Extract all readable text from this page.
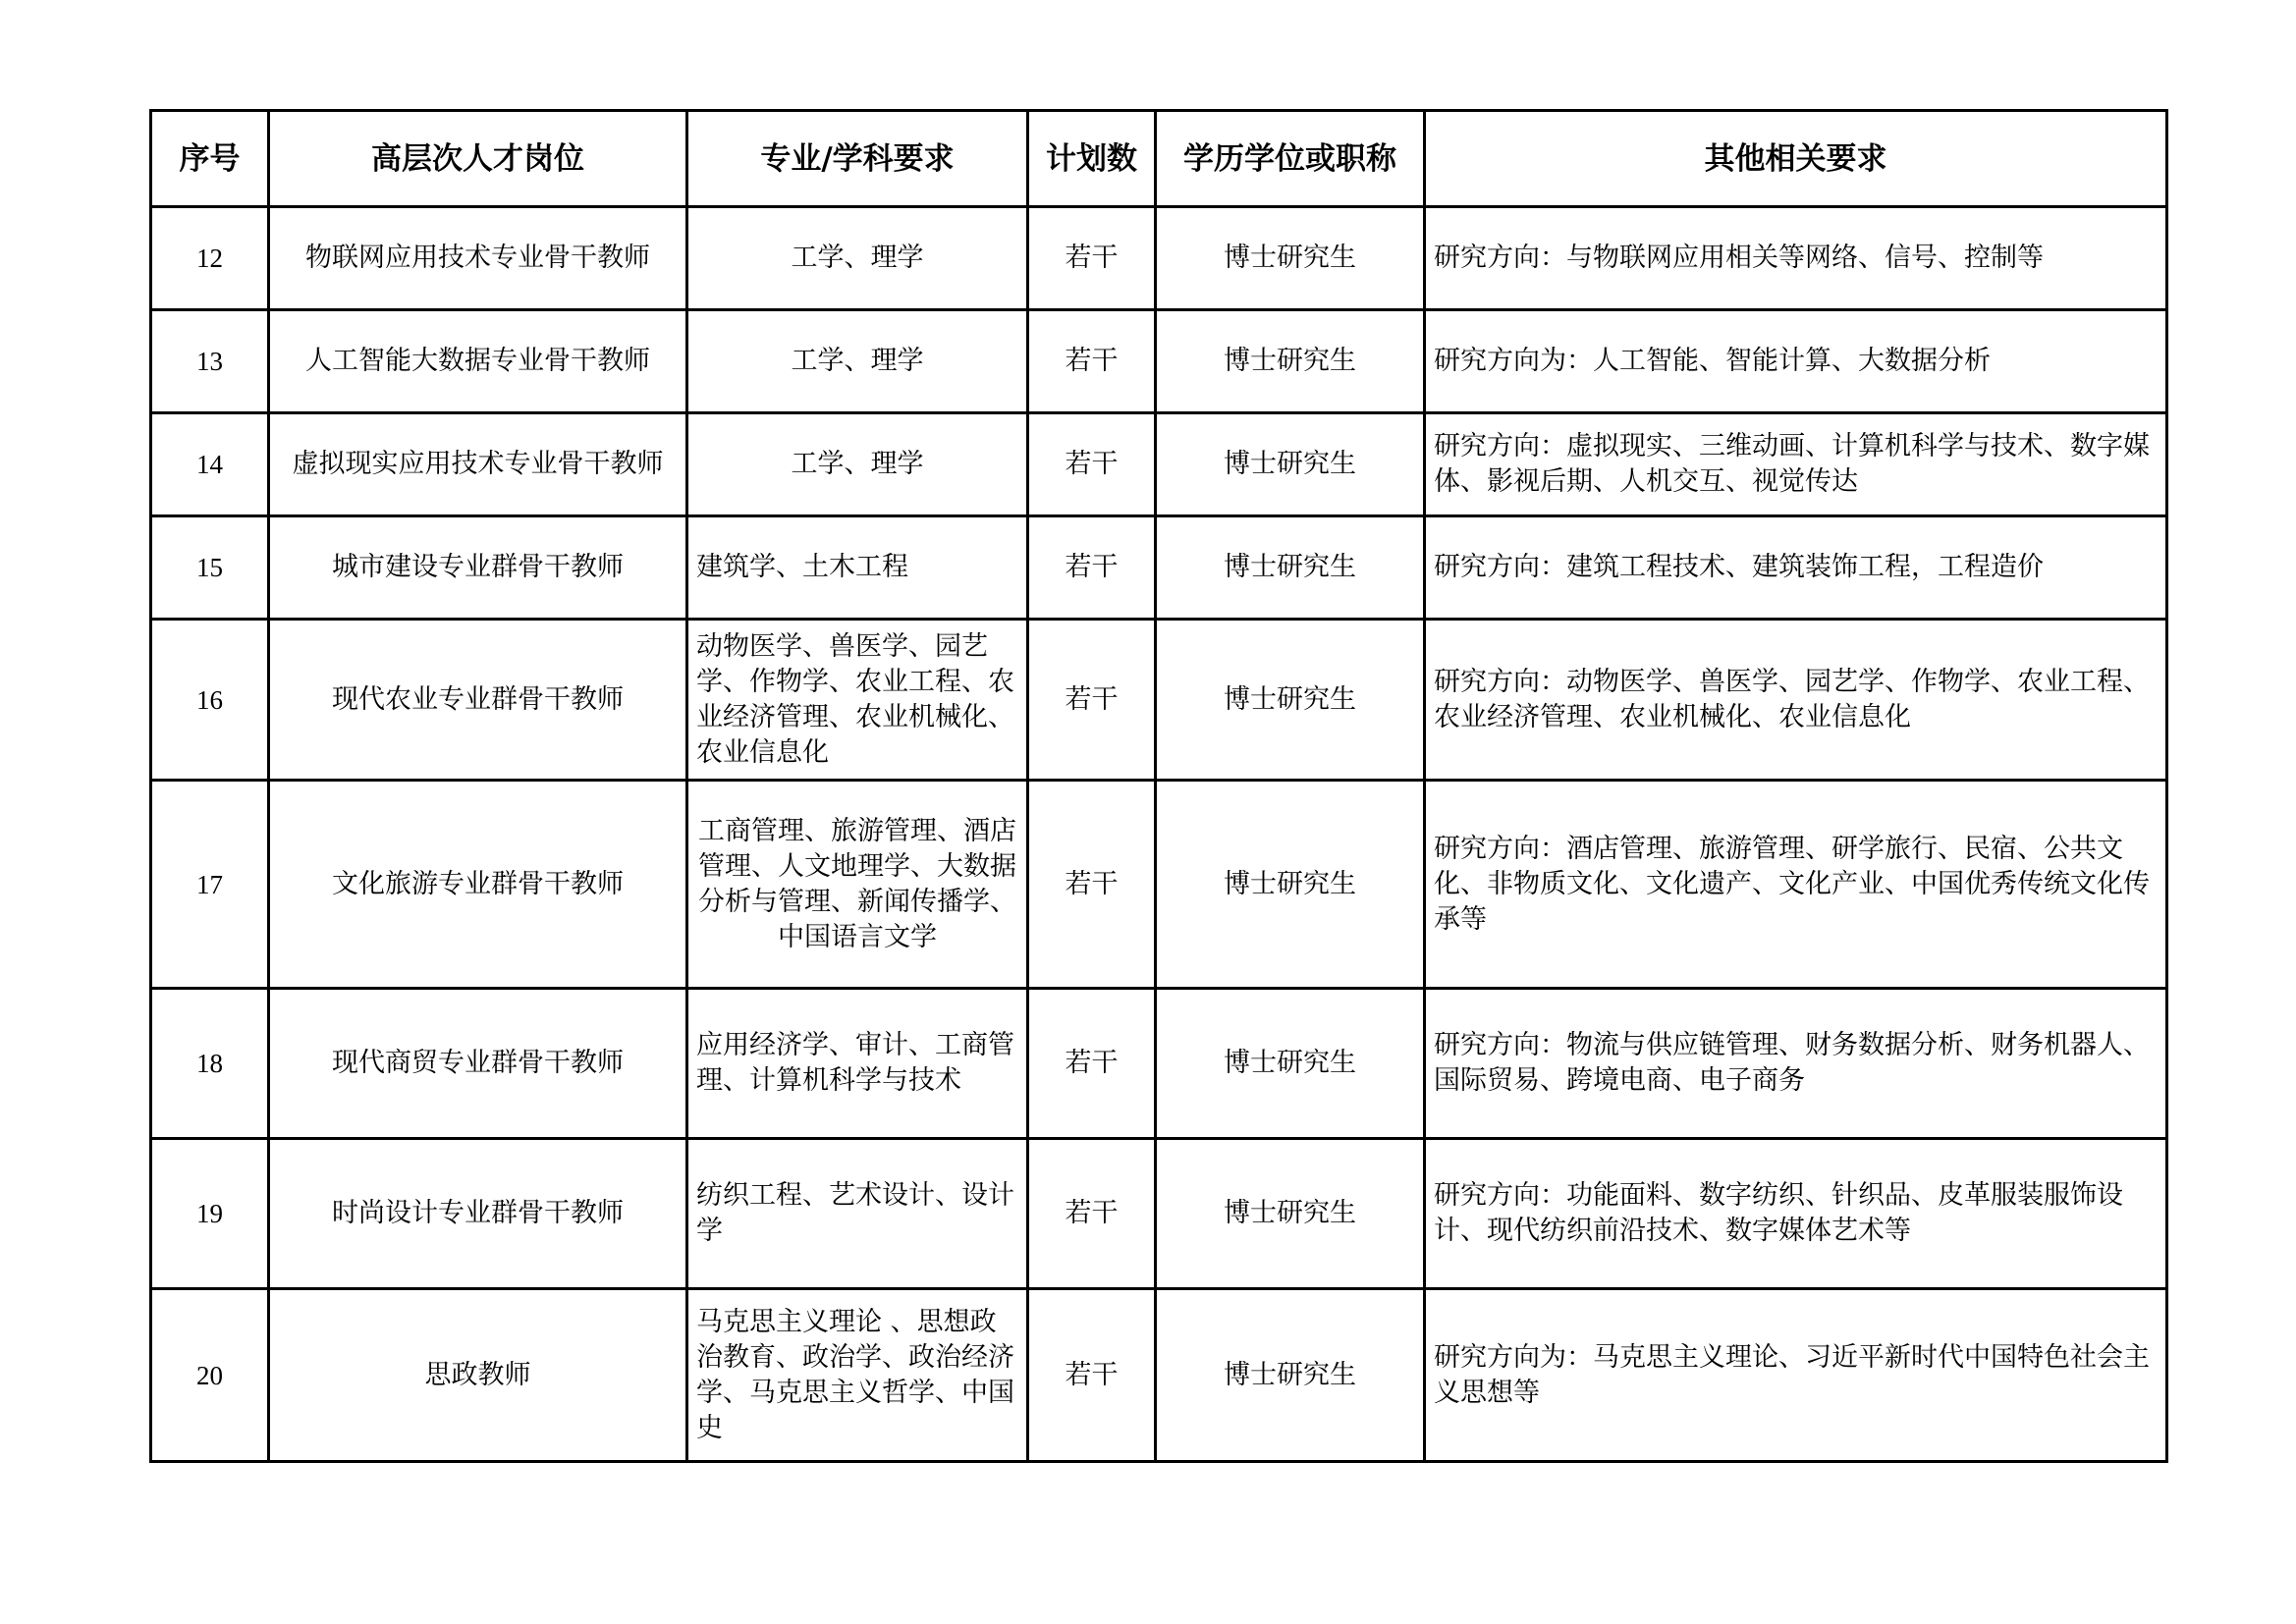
序号	高层次人才岗位	专业/学科要求	计划数	学历学位或职称	其他相关要求
12	物联网应用技术专业骨干教师	工学、理学	若干	博士研究生	研究方向：与物联网应用相关等网络、信号、控制等
13	人工智能大数据专业骨干教师	工学、理学	若干	博士研究生	研究方向为：人工智能、智能计算、大数据分析
14	虚拟现实应用技术专业骨干教师	工学、理学	若干	博士研究生	研究方向：虚拟现实、三维动画、计算机科学与技术、数字媒体、影视后期、人机交互、视觉传达
15	城市建设专业群骨干教师	建筑学、土木工程	若干	博士研究生	研究方向：建筑工程技术、建筑装饰工程，工程造价
16	现代农业专业群骨干教师	动物医学、兽医学、园艺学、作物学、农业工程、农业经济管理、农业机械化、农业信息化	若干	博士研究生	研究方向：动物医学、兽医学、园艺学、作物学、农业工程、农业经济管理、农业机械化、农业信息化
17	文化旅游专业群骨干教师	工商管理、旅游管理、酒店管理、人文地理学、大数据分析与管理、新闻传播学、中国语言文学	若干	博士研究生	研究方向：酒店管理、旅游管理、研学旅行、民宿、公共文化、非物质文化、文化遗产、文化产业、中国优秀传统文化传承等
18	现代商贸专业群骨干教师	应用经济学、审计、工商管理、计算机科学与技术	若干	博士研究生	研究方向：物流与供应链管理、财务数据分析、财务机器人、国际贸易、跨境电商、电子商务
19	时尚设计专业群骨干教师	纺织工程、艺术设计、设计学	若干	博士研究生	研究方向：功能面料、数字纺织、针织品、皮革服装服饰设计、现代纺织前沿技术、数字媒体艺术等
20	思政教师	马克思主义理论 、思想政治教育、政治学、政治经济学、马克思主义哲学、中国史	若干	博士研究生	研究方向为：马克思主义理论、习近平新时代中国特色社会主义思想等
